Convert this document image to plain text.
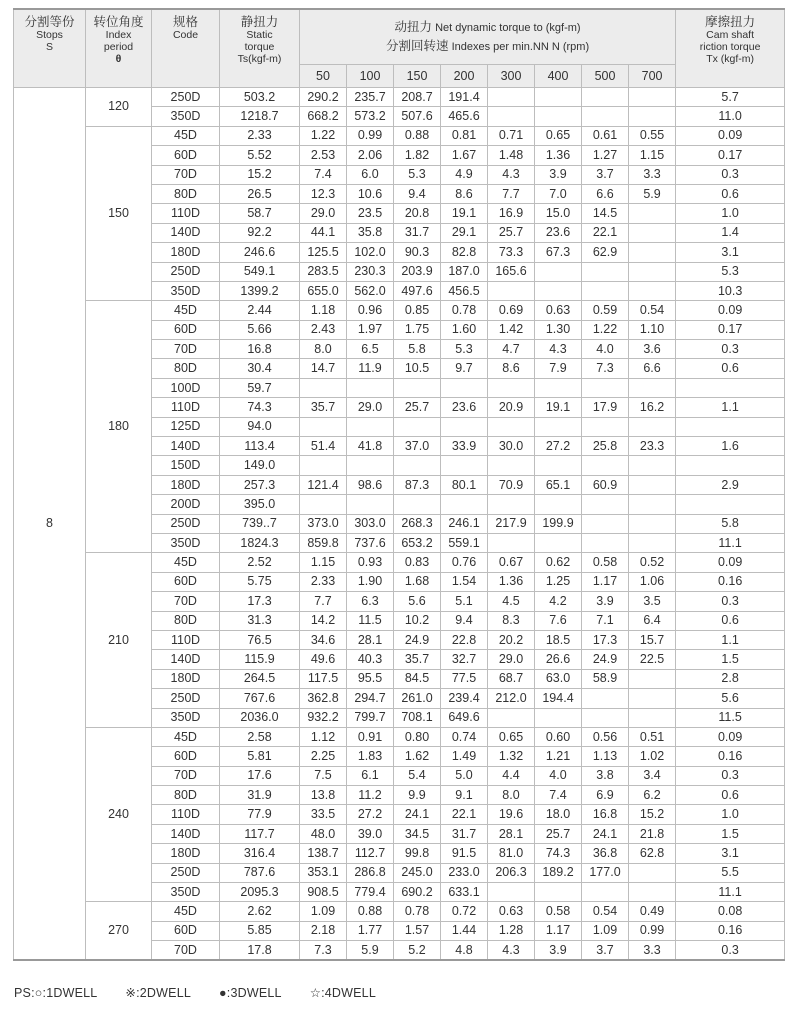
分割等份
Stops
S	转位角度
Index
period
θ	规格
Code	静扭力
Static
torque
Ts(kgf-m)	动扭力 Net dynamic torque to (kgf-m)
分割回转速 Indexes per min.NN N (rpm)								摩擦扭力
Cam shaft
riction torque
Tx (kgf-m)
				50	100	150	200	300	400	500	700	
8	120	250D	503.2	290.2	235.7	208.7	191.4					5.7
		350D	1218.7	668.2	573.2	507.6	465.6					11.0
	150	45D	2.33	1.22	0.99	0.88	0.81	0.71	0.65	0.61	0.55	0.09
		60D	5.52	2.53	2.06	1.82	1.67	1.48	1.36	1.27	1.15	0.17
		70D	15.2	7.4	6.0	5.3	4.9	4.3	3.9	3.7	3.3	0.3
		80D	26.5	12.3	10.6	9.4	8.6	7.7	7.0	6.6	5.9	0.6
		110D	58.7	29.0	23.5	20.8	19.1	16.9	15.0	14.5		1.0
		140D	92.2	44.1	35.8	31.7	29.1	25.7	23.6	22.1		1.4
		180D	246.6	125.5	102.0	90.3	82.8	73.3	67.3	62.9		3.1
		250D	549.1	283.5	230.3	203.9	187.0	165.6				5.3
		350D	1399.2	655.0	562.0	497.6	456.5					10.3
	180	45D	2.44	1.18	0.96	0.85	0.78	0.69	0.63	0.59	0.54	0.09
		60D	5.66	2.43	1.97	1.75	1.60	1.42	1.30	1.22	1.10	0.17
		70D	16.8	8.0	6.5	5.8	5.3	4.7	4.3	4.0	3.6	0.3
		80D	30.4	14.7	11.9	10.5	9.7	8.6	7.9	7.3	6.6	0.6
		100D	59.7									
		110D	74.3	35.7	29.0	25.7	23.6	20.9	19.1	17.9	16.2	1.1
		125D	94.0									
		140D	113.4	51.4	41.8	37.0	33.9	30.0	27.2	25.8	23.3	1.6
		150D	149.0									
		180D	257.3	121.4	98.6	87.3	80.1	70.9	65.1	60.9		2.9
		200D	395.0									
		250D	739..7	373.0	303.0	268.3	246.1	217.9	199.9			5.8
		350D	1824.3	859.8	737.6	653.2	559.1					11.1
	210	45D	2.52	1.15	0.93	0.83	0.76	0.67	0.62	0.58	0.52	0.09
		60D	5.75	2.33	1.90	1.68	1.54	1.36	1.25	1.17	1.06	0.16
		70D	17.3	7.7	6.3	5.6	5.1	4.5	4.2	3.9	3.5	0.3
		80D	31.3	14.2	11.5	10.2	9.4	8.3	7.6	7.1	6.4	0.6
		110D	76.5	34.6	28.1	24.9	22.8	20.2	18.5	17.3	15.7	1.1
		140D	115.9	49.6	40.3	35.7	32.7	29.0	26.6	24.9	22.5	1.5
		180D	264.5	117.5	95.5	84.5	77.5	68.7	63.0	58.9		2.8
		250D	767.6	362.8	294.7	261.0	239.4	212.0	194.4			5.6
		350D	2036.0	932.2	799.7	708.1	649.6					11.5
	240	45D	2.58	1.12	0.91	0.80	0.74	0.65	0.60	0.56	0.51	0.09
		60D	5.81	2.25	1.83	1.62	1.49	1.32	1.21	1.13	1.02	0.16
		70D	17.6	7.5	6.1	5.4	5.0	4.4	4.0	3.8	3.4	0.3
		80D	31.9	13.8	11.2	9.9	9.1	8.0	7.4	6.9	6.2	0.6
		110D	77.9	33.5	27.2	24.1	22.1	19.6	18.0	16.8	15.2	1.0
		140D	117.7	48.0	39.0	34.5	31.7	28.1	25.7	24.1	21.8	1.5
		180D	316.4	138.7	112.7	99.8	91.5	81.0	74.3	36.8	62.8	3.1
		250D	787.6	353.1	286.8	245.0	233.0	206.3	189.2	177.0		5.5
		350D	2095.3	908.5	779.4	690.2	633.1					11.1
	270	45D	2.62	1.09	0.88	0.78	0.72	0.63	0.58	0.54	0.49	0.08
		60D	5.85	2.18	1.77	1.57	1.44	1.28	1.17	1.09	0.99	0.16
		70D	17.8	7.3	5.9	5.2	4.8	4.3	3.9	3.7	3.3	0.3
PS:○:1DWELL ※:2DWELL ●:3DWELL ☆:4DWELL
